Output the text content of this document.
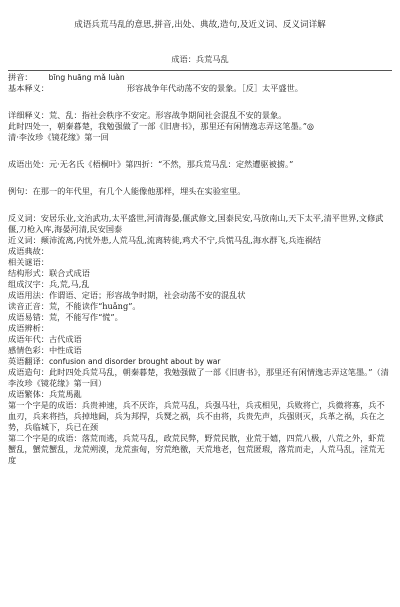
成语兵荒马乱的意思,拼音,出处、典故,造句,及近义词、反义词详解
成语：兵荒马乱
拼音： bīng huāng mǎ luàn
基本释义：	形容战争年代动荡不安的景象。［反］太平盛世。
详细释义：荒、乱：指社会秩序不安定。形容战争期间社会混乱不安的景象。
此时四处一，朝秦暮楚，我勉强做了一部《旧唐书》，那里还有闲情逸志弄这笔墨。”◎
清·李汝珍《镜花缘》第一回
成语出处：元·无名氏《梧桐叶》第四折：“不然，那兵荒马乱：定然遭驱被掳。”
例句：在那一的年代里，有几个人能像他那样，埋头在实验室里。
反义词：安居乐业,文治武功,太平盛世,河清海晏,偃武修文,国泰民安,马放南山,天下太平,清平世界,文修武偃,刀枪入库,海晏河清,民安国泰
近义词：颠沛流离,内忧外患,人荒马乱,流离转徙,鸡犬不宁,兵慌马乱,海水群飞,兵连祸结
成语典故：
相关谜语：
结构形式：联合式成语
组成汉字：兵,荒,马,乱
成语用法：作谓语、定语；形容战争时期，社会动荡不安的混乱状
读音正音：荒，不能读作“huǎng”。
成语易错：荒，不能写作“慌”。
成语辨析：
成语年代：古代成语
感情色彩：中性成语
英语翻译：confusion and disorder brought about by war
成语造句：此时四处兵荒马乱，朝秦暮楚，我勉强做了一部《旧唐书》，那里还有闲情逸志弄这笔墨。”（清 李汝珍《镜花缘》第一回）
成语繁体：兵荒馬亂
第一个字是的成语：兵贵神速，兵不厌诈，兵荒马乱，兵强马壮，兵戎相见，兵败将亡，兵微将寡，兵不血刃，兵来将挡，兵掉地阔，兵为邦捍，兵燹之祸，兵不由将，兵贵先声，兵强则灭，兵革之祸，兵在之势，兵临城下，兵已在颈
第二个字是的成语：落荒而逃，兵荒马乱，政荒民弊，野荒民散，业荒于嬉，四荒八极，八荒之外，虾荒蟹乱，蟹荒蟹乱，龙荒朔漠，龙荒蛮甸，穷荒绝徼，天荒地老，包荒匿瑕，落荒而走，人荒马乱，淫荒无度
